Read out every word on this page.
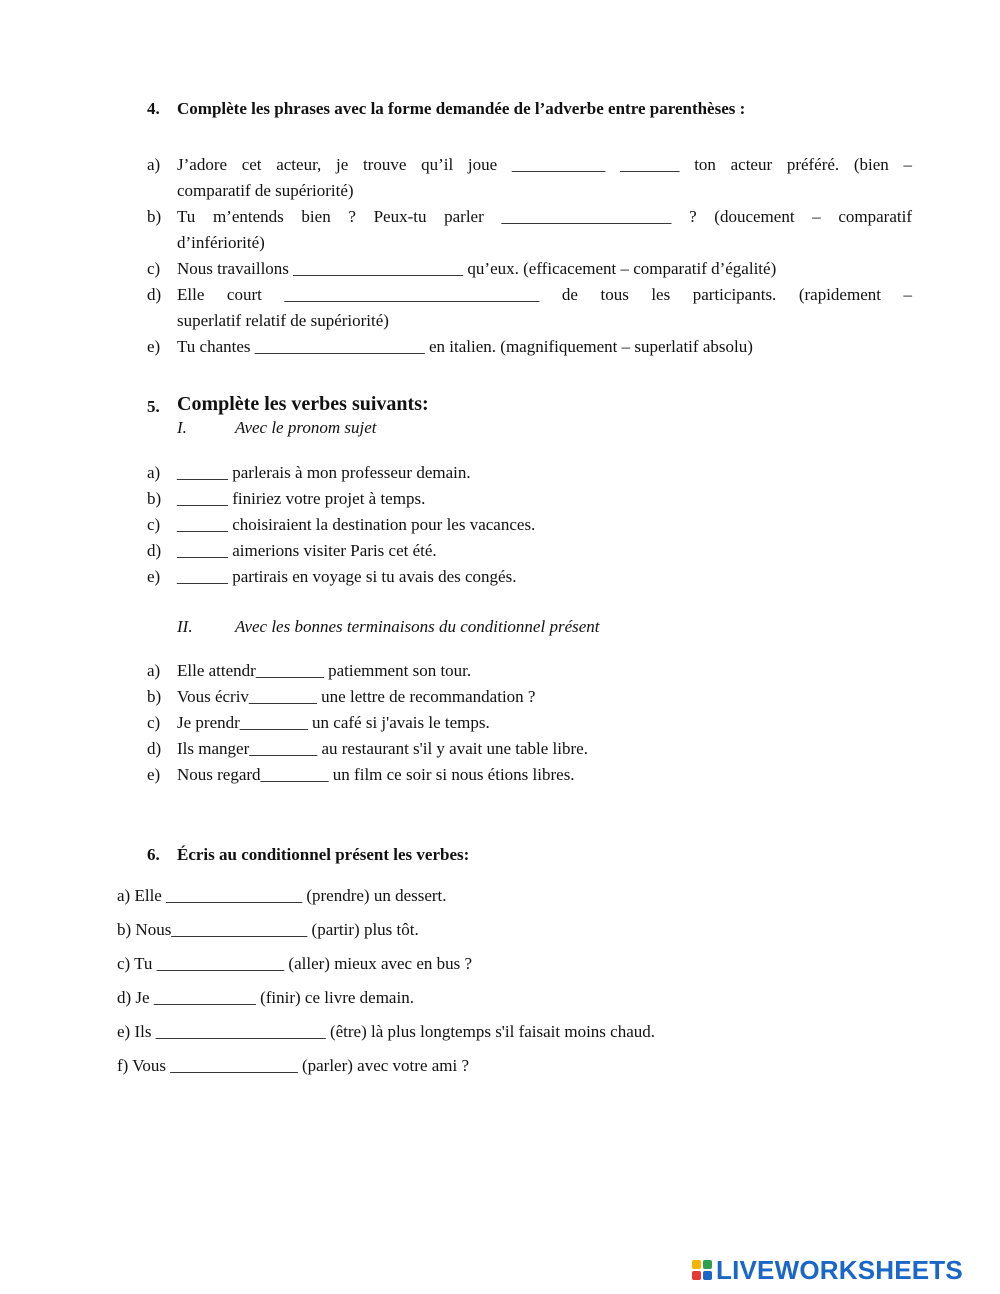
4. Complète les phrases avec la forme demandée de l’adverbe entre parenthèses :
a) J’adore cet acteur, je trouve qu’il joue ___________ _______ ton acteur préféré. (bien –
comparatif de supériorité)
b) Tu m’entends bien ? Peux-tu parler ____________________ ? (doucement – comparatif
d’infériorité)
c) Nous travaillons ____________________ qu’eux. (efficacement – comparatif d’égalité)
d) Elle court ______________________________ de tous les participants. (rapidement –
superlatif relatif de supériorité)
e) Tu chantes ____________________ en italien. (magnifiquement – superlatif absolu)
5. Complète les verbes suivants:
I.	Avec le pronom sujet
a) ______ parlerais à mon professeur demain.
b) ______ finiriez votre projet à temps.
c) ______ choisiraient la destination pour les vacances.
d) ______ aimerions visiter Paris cet été.
e) ______ partirais en voyage si tu avais des congés.
II. Avec les bonnes terminaisons du conditionnel présent
a) Elle attendr________ patiemment son tour.
b) Vous écriv________ une lettre de recommandation ?
c) Je prendr________ un café si j'avais le temps.
d) Ils manger________ au restaurant s'il y avait une table libre.
e) Nous regard________ un film ce soir si nous étions libres.
6. Écris au conditionnel présent les verbes:
a) Elle ________________ (prendre) un dessert.
b) Nous________________ (partir) plus tôt.
c) Tu _______________ (aller) mieux avec en bus ?
d) Je ____________ (finir) ce livre demain.
e) Ils ____________________ (être) là plus longtemps s'il faisait moins chaud.
f) Vous _______________ (parler) avec votre ami ?
LIVEWORKSHEETS
